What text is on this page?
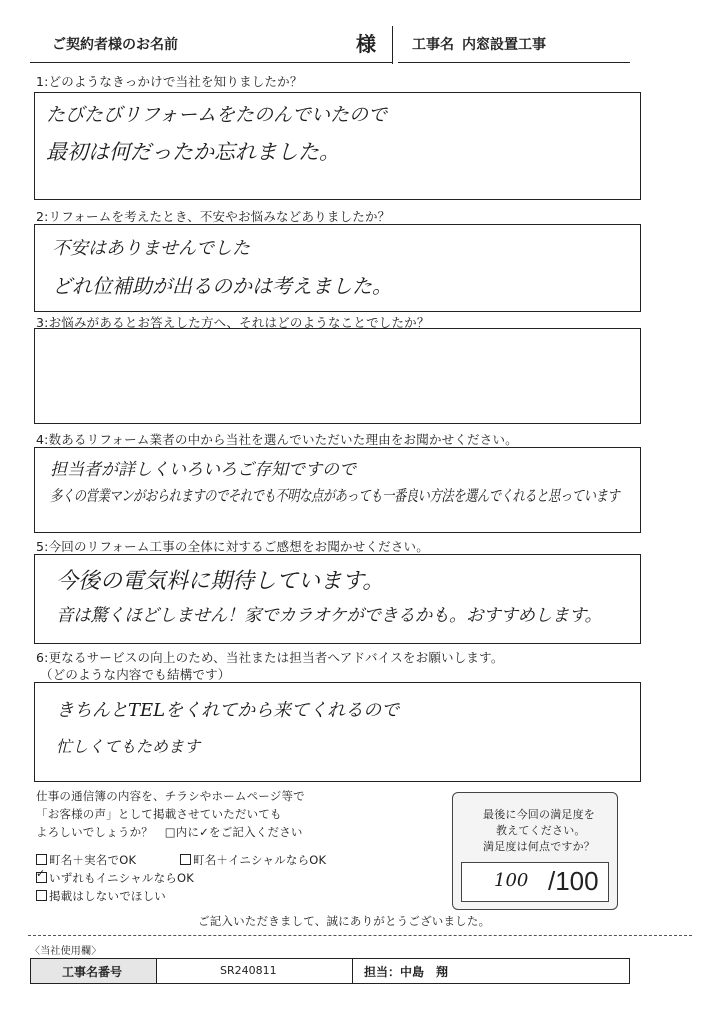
ご契約者様のお名前	様	工事名 内窓設置工事
1:どのようなきっかけで当社を知りましたか？
たびたびリフォームをたのんでいたので
最初は何だったか忘れました。
2:リフォームを考えたとき、不安やお悩みなどありましたか？
不安はありませんでした
どれ位補助が出るのかは考えました。
3:お悩みがあるとお答えした方へ、それはどのようなことでしたか？
4:数あるリフォーム業者の中から当社を選んでいただいた理由をお聞かせください。
担当者が詳しくいろいろご存知ですので
多くの営業マンがおられますのでそれでも不明な点があっても一番良い方法を選んでくれると思っています
5:今回のリフォーム工事の全体に対するご感想をお聞かせください。
今後の電気料に期待しています。
音は驚くほどしません！家でカラオケができるかも。おすすめします。
6:更なるサービスの向上のため、当社または担当者へアドバイスをお願いします。
（どのような内容でも結構です）
きちんとTELをくれてから来てくれるので
忙しくてもためます
仕事の通信簿の内容を、チラシやホームページ等で
「お客様の声」として掲載させていただいても
よろしいでしょうか？　□内に✓をご記入ください
町名＋実名でOK	町名＋イニシャルならOK
✓いずれもイニシャルならOK
掲載はしないでほしい
最後に今回の満足度を
教えてください。
満足度は何点ですか？
100 /100
ご記入いただきまして、誠にありがとうございました。
〈当社使用欄〉
工事名番号	SR240811	担当：中島　翔
